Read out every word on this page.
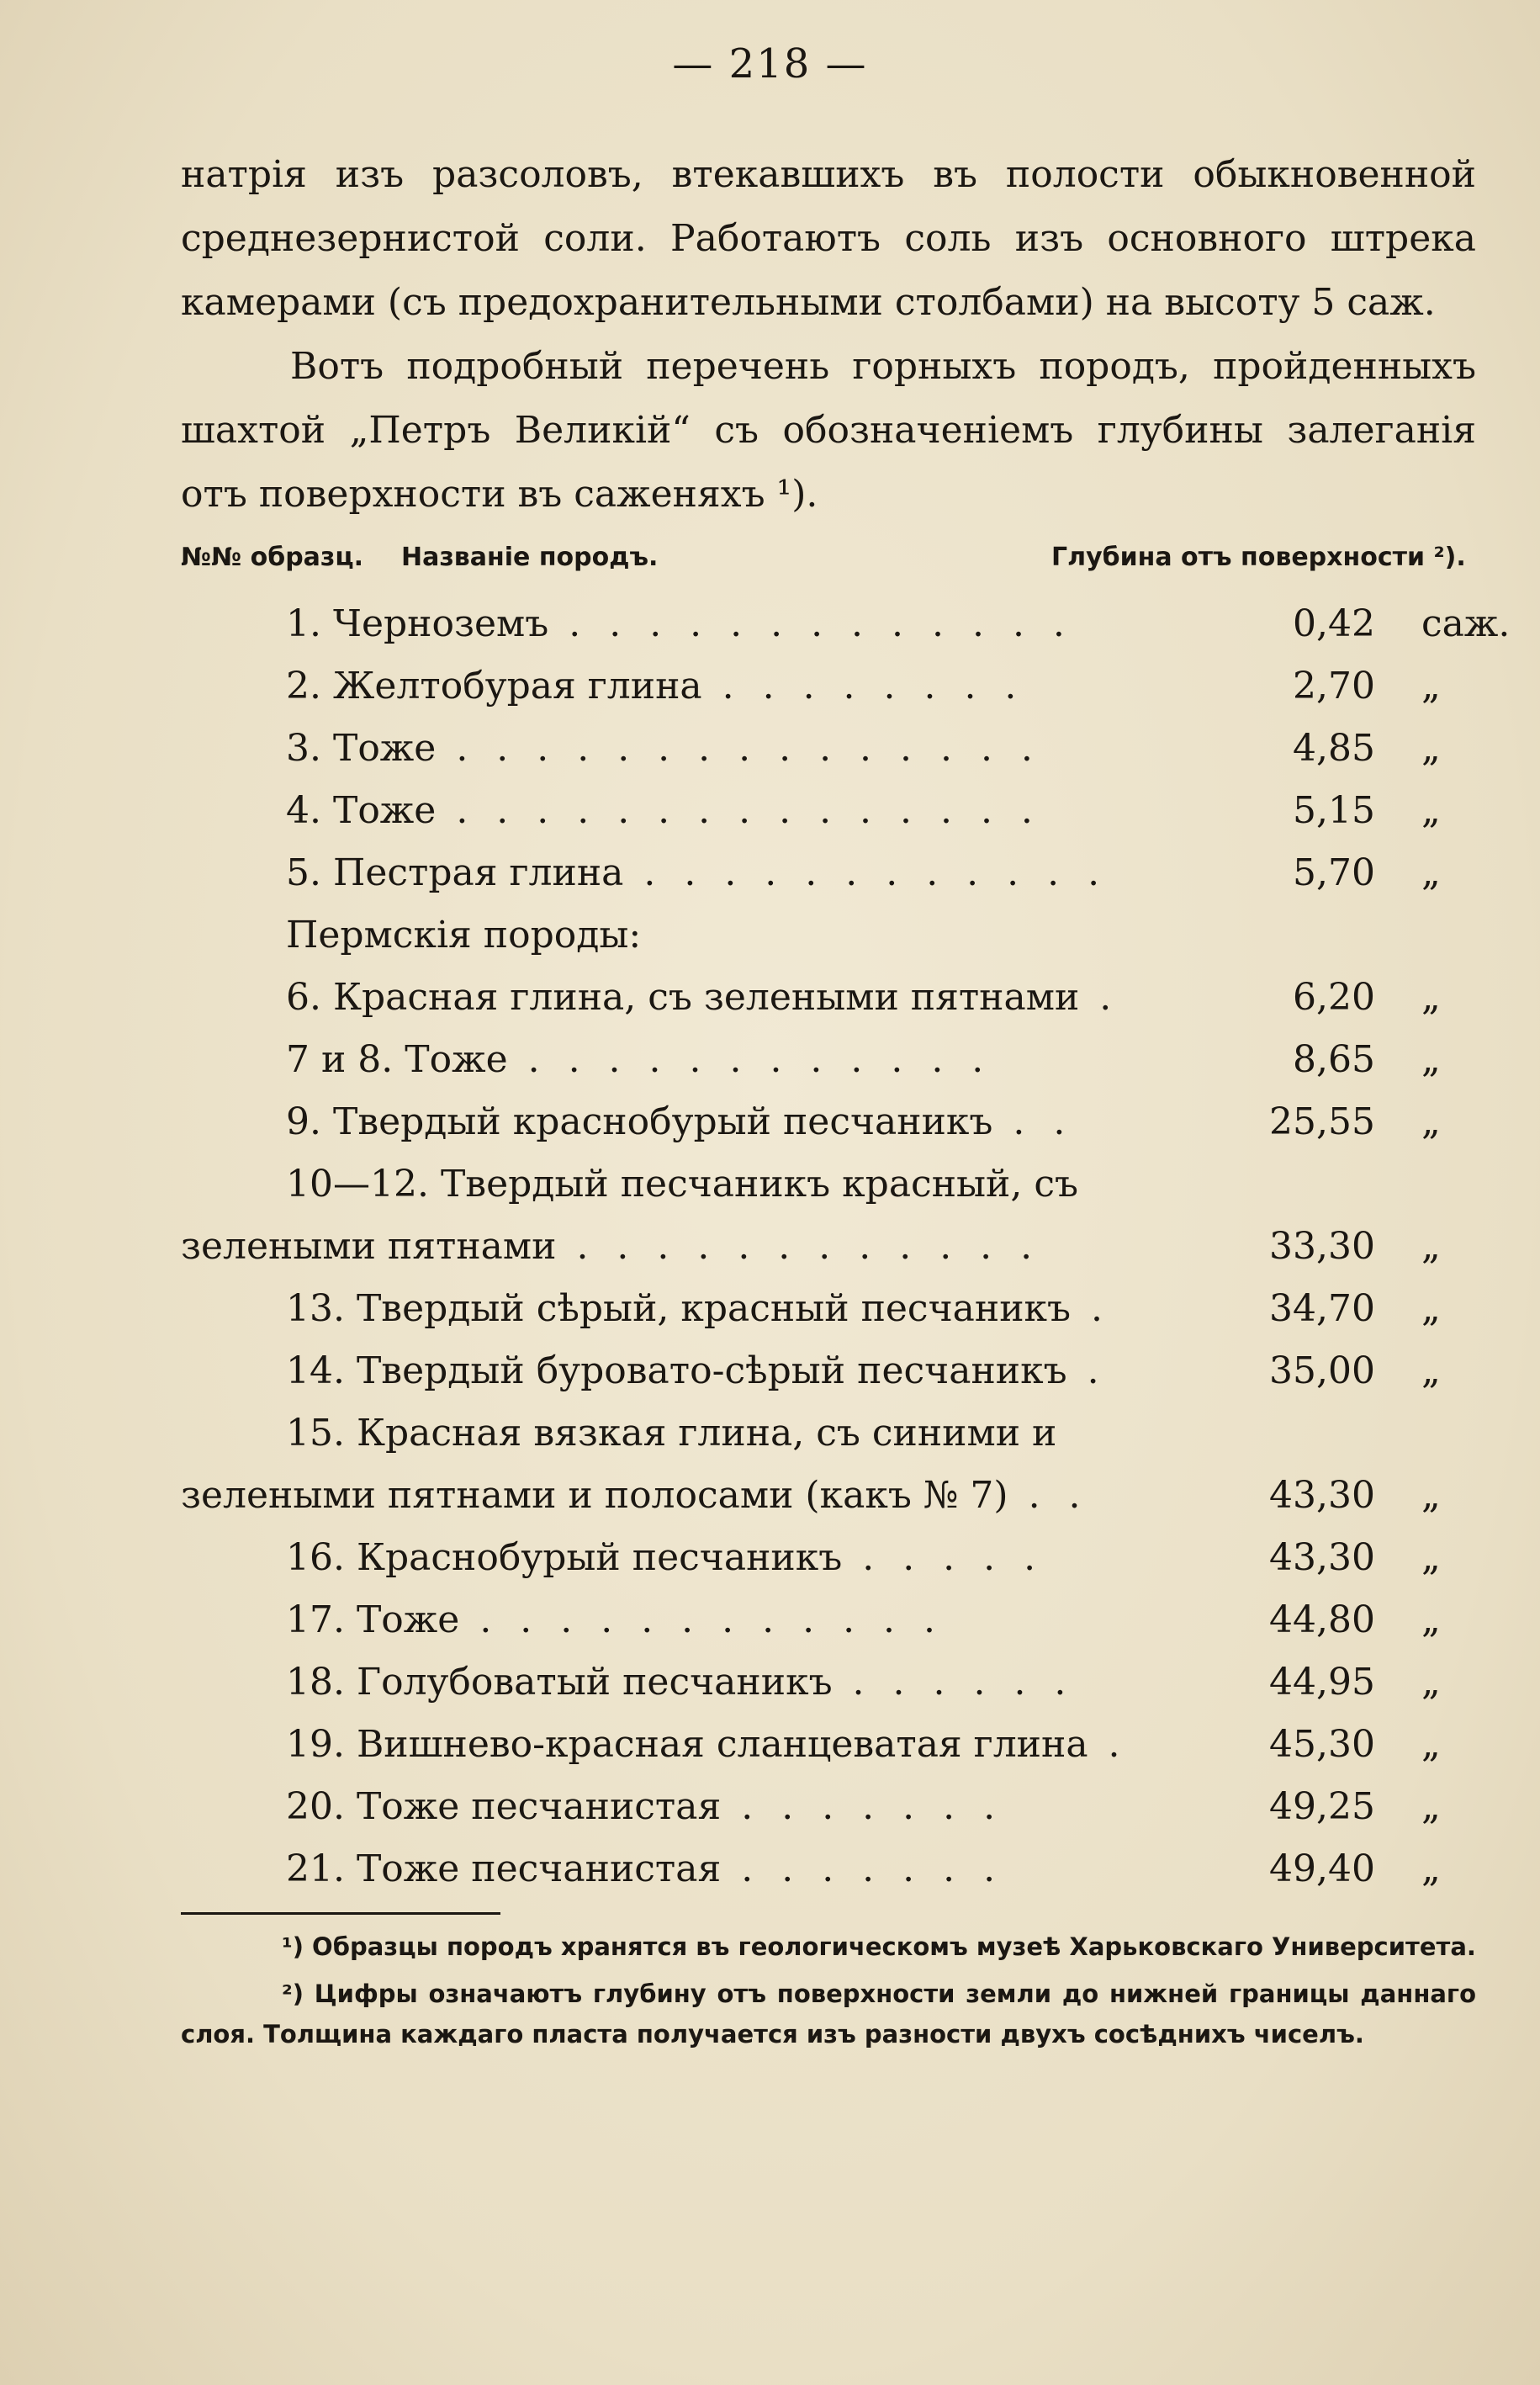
— 218 —

натрія изъ разсоловъ, втекавшихъ въ полости обыкновенной среднезернистой соли. Работаютъ соль изъ основного штрека камерами (съ предохранительными столбами) на высоту 5 саж.

Вотъ подробный перечень горныхъ породъ, пройденныхъ шахтой „Петръ Великій“ съ обозначеніемъ глубины залеганія отъ поверхности въ саженяхъ ¹).

№№ образц. Названіе породъ.	Глубина отъ поверхности ²).
1. Черноземъ . . . . . . . . . . . . .	0,42 саж.
2. Желтобурая глина . . . . . . . .	2,70 „
3. Тоже . . . . . . . . . . . . . . .	4,85 „
4. Тоже . . . . . . . . . . . . . . .	5,15 „
5. Пестрая глина . . . . . . . . . . . .	5,70 „
Пермскія породы:
6. Красная глина, съ зелеными пятнами .	6,20 „
7 и 8. Тоже . . . . . . . . . . . .	8,65 „
9. Твердый краснобурый песчаникъ . .	25,55 „
10—12. Твердый песчаникъ красный, съ
зелеными пятнами . . . . . . . . . . . .	33,30 „
13. Твердый сѣрый, красный песчаникъ .	34,70 „
14. Твердый буровато-сѣрый песчаникъ .	35,00 „
15. Красная вязкая глина, съ синими и
зелеными пятнами и полосами (какъ № 7) . .	43,30 „
16. Краснобурый песчаникъ . . . . .	43,30 „
17. Тоже . . . . . . . . . . . .	44,80 „
18. Голубоватый песчаникъ . . . . . .	44,95 „
19. Вишнево-красная сланцеватая глина .	45,30 „
20. Тоже песчанистая . . . . . . .	49,25 „
21. Тоже песчанистая . . . . . . .	49,40 „

¹) Образцы породъ хранятся въ геологическомъ музеѣ Харьковскаго Университета.

²) Цифры означаютъ глубину отъ поверхности земли до нижней границы даннаго слоя. Толщина каждаго пласта получается изъ разности двухъ сосѣднихъ чиселъ.
